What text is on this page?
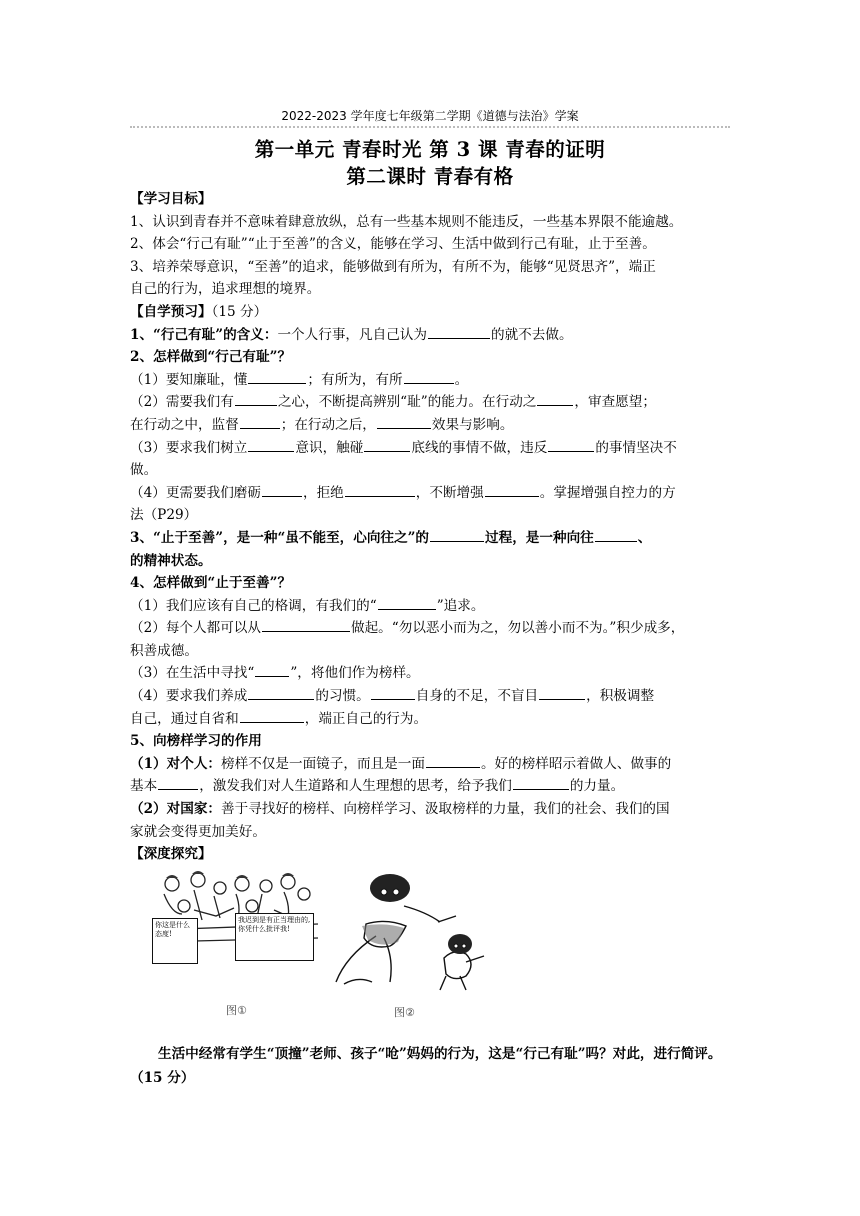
2022-2023 学年度七年级第二学期《道德与法治》学案
第一单元 青春时光 第 3 课 青春的证明
第二课时 青春有格
【学习目标】
1、认识到青春并不意味着肆意放纵，总有一些基本规则不能违反，一些基本界限不能逾越。
2、体会“行己有耻”“止于至善”的含义，能够在学习、生活中做到行己有耻，止于至善。
3、培养荣辱意识，“至善”的追求，能够做到有所为，有所不为，能够“见贤思齐”，端正
自己的行为，追求理想的境界。
【自学预习】（15 分）
1、“行己有耻”的含义：一个人行事，凡自己认为	的就不去做。
2、怎样做到“行己有耻”？
（1）要知廉耻，懂	；有所为，有所	。
（2）需要我们有	之心，不断提高辨别“耻”的能力。在行动之	，审查愿望；
在行动之中，监督	；在行动之后，	效果与影响。
（3）要求我们树立	意识，触碰	底线的事情不做，违反	的事情坚决不
做。
（4）更需要我们磨砺	，拒绝	，不断增强	。掌握增强自控力的方
法（P29）
3、“止于至善”，是一种“虽不能至，心向往之”的	过程，是一种向往	、
的精神状态。
4、怎样做到“止于至善”？
（1）我们应该有自己的格调，有我们的“	”追求。
（2）每个人都可以从	做起。“勿以恶小而为之，勿以善小而不为。”积少成多，
积善成德。
（3）在生活中寻找“	”，将他们作为榜样。
（4）要求我们养成	的习惯。	自身的不足，不盲目	，积极调整
自己，通过自省和	，端正自己的行为。
5、向榜样学习的作用
（1）对个人：榜样不仅是一面镜子，而且是一面	。好的榜样昭示着做人、做事的
基本	，激发我们对人生道路和人生理想的思考，给予我们	的力量。
（2）对国家：善于寻找好的榜样、向榜样学习、汲取榜样的力量，我们的社会、我们的国
家就会变得更加美好。
【深度探究】
你这是什么态度!
我迟到是有正当理由的,你凭什么批评我!
图①	图②
生活中经常有学生“顶撞”老师、孩子“呛”妈妈的行为，这是“行己有耻”吗？对此，进行简评。（15 分）
